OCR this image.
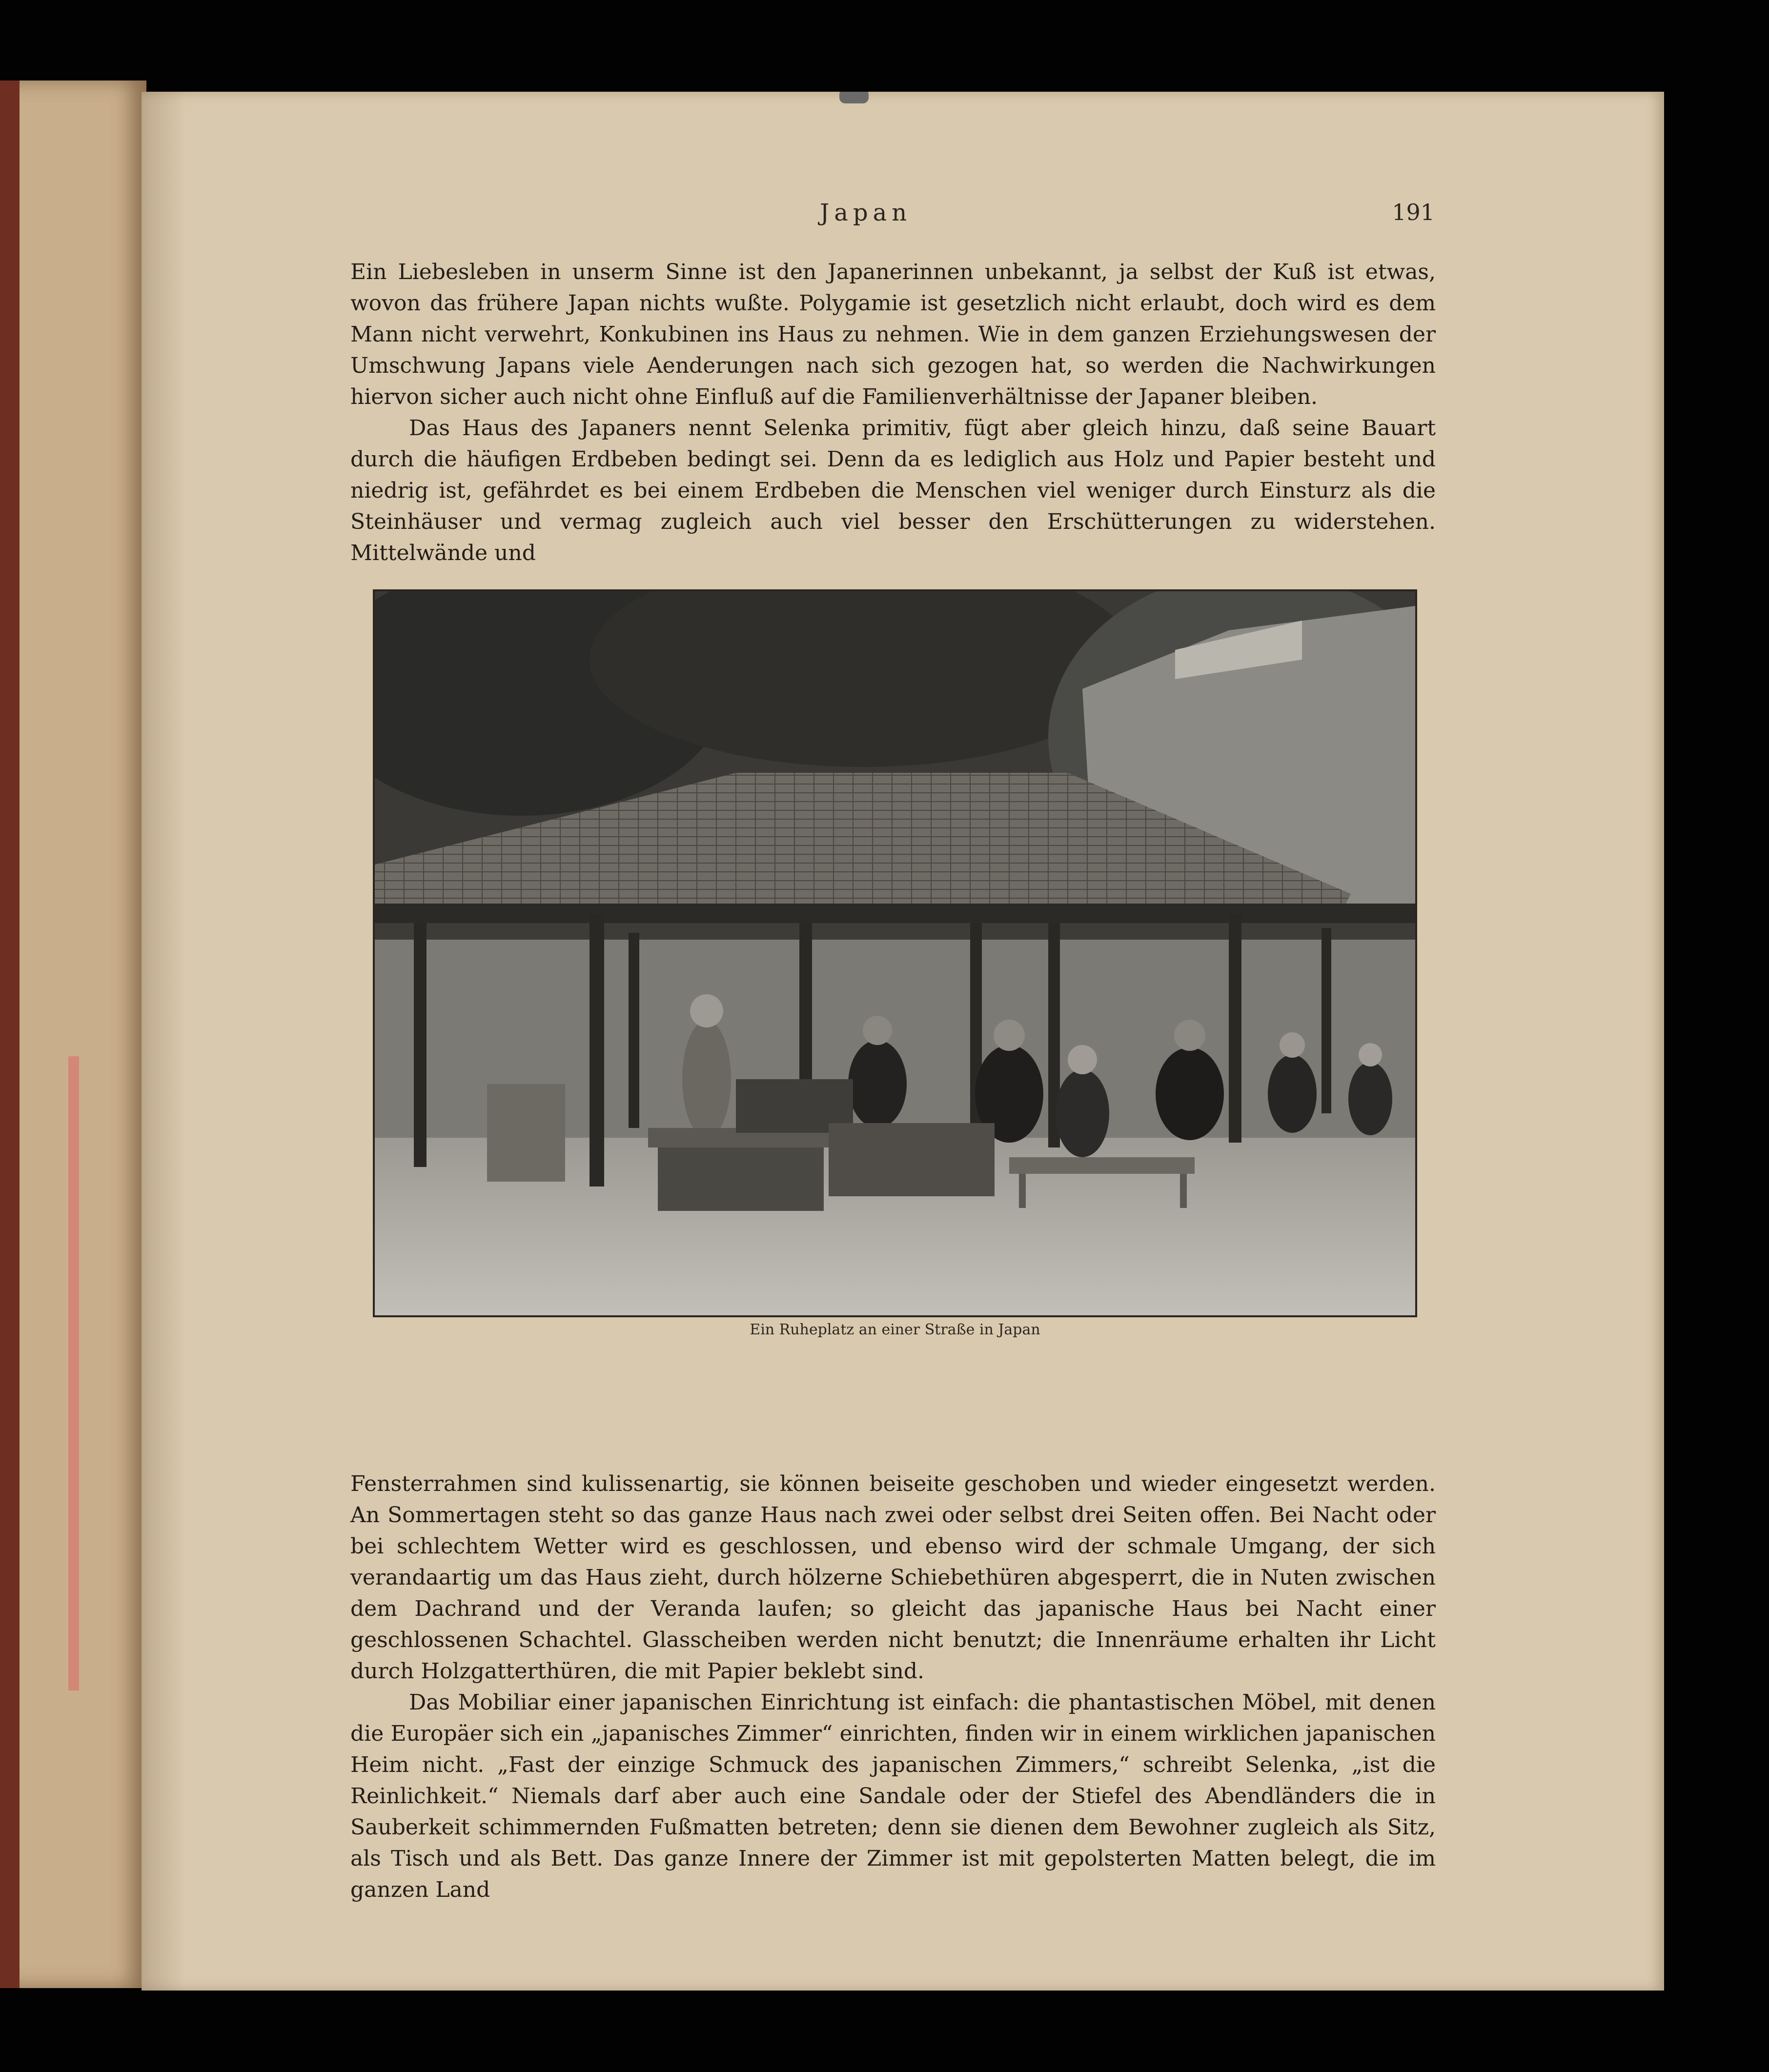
Japan	191

Ein Liebesleben in unserm Sinne ist den Japanerinnen unbekannt, ja selbst der Kuß ist etwas, wovon das frühere Japan nichts wußte. Polygamie ist gesetzlich nicht erlaubt, doch wird es dem Mann nicht verwehrt, Konkubinen ins Haus zu nehmen. Wie in dem ganzen Erziehungswesen der Umschwung Japans viele Aenderungen nach sich gezogen hat, so werden die Nachwirkungen hiervon sicher auch nicht ohne Einfluß auf die Familienverhältnisse der Japaner bleiben.

Das Haus des Japaners nennt Selenka primitiv, fügt aber gleich hinzu, daß seine Bauart durch die häufigen Erdbeben bedingt sei. Denn da es lediglich aus Holz und Papier besteht und niedrig ist, gefährdet es bei einem Erdbeben die Menschen viel weniger durch Einsturz als die Steinhäuser und vermag zugleich auch viel besser den Erschütterungen zu widerstehen. Mittelwände und

Ein Ruheplatz an einer Straße in Japan

Fensterrahmen sind kulissenartig, sie können beiseite geschoben und wieder eingesetzt werden. An Sommertagen steht so das ganze Haus nach zwei oder selbst drei Seiten offen. Bei Nacht oder bei schlechtem Wetter wird es geschlossen, und ebenso wird der schmale Umgang, der sich verandaartig um das Haus zieht, durch hölzerne Schiebethüren abgesperrt, die in Nuten zwischen dem Dachrand und der Veranda laufen; so gleicht das japanische Haus bei Nacht einer geschlossenen Schachtel. Glasscheiben werden nicht benutzt; die Innenräume erhalten ihr Licht durch Holzgatterthüren, die mit Papier beklebt sind.

Das Mobiliar einer japanischen Einrichtung ist einfach: die phantastischen Möbel, mit denen die Europäer sich ein „japanisches Zimmer“ einrichten, finden wir in einem wirklichen japanischen Heim nicht. „Fast der einzige Schmuck des japanischen Zimmers,“ schreibt Selenka, „ist die Reinlichkeit.“ Niemals darf aber auch eine Sandale oder der Stiefel des Abendländers die in Sauberkeit schimmernden Fußmatten betreten; denn sie dienen dem Bewohner zugleich als Sitz, als Tisch und als Bett. Das ganze Innere der Zimmer ist mit gepolsterten Matten belegt, die im ganzen Land
